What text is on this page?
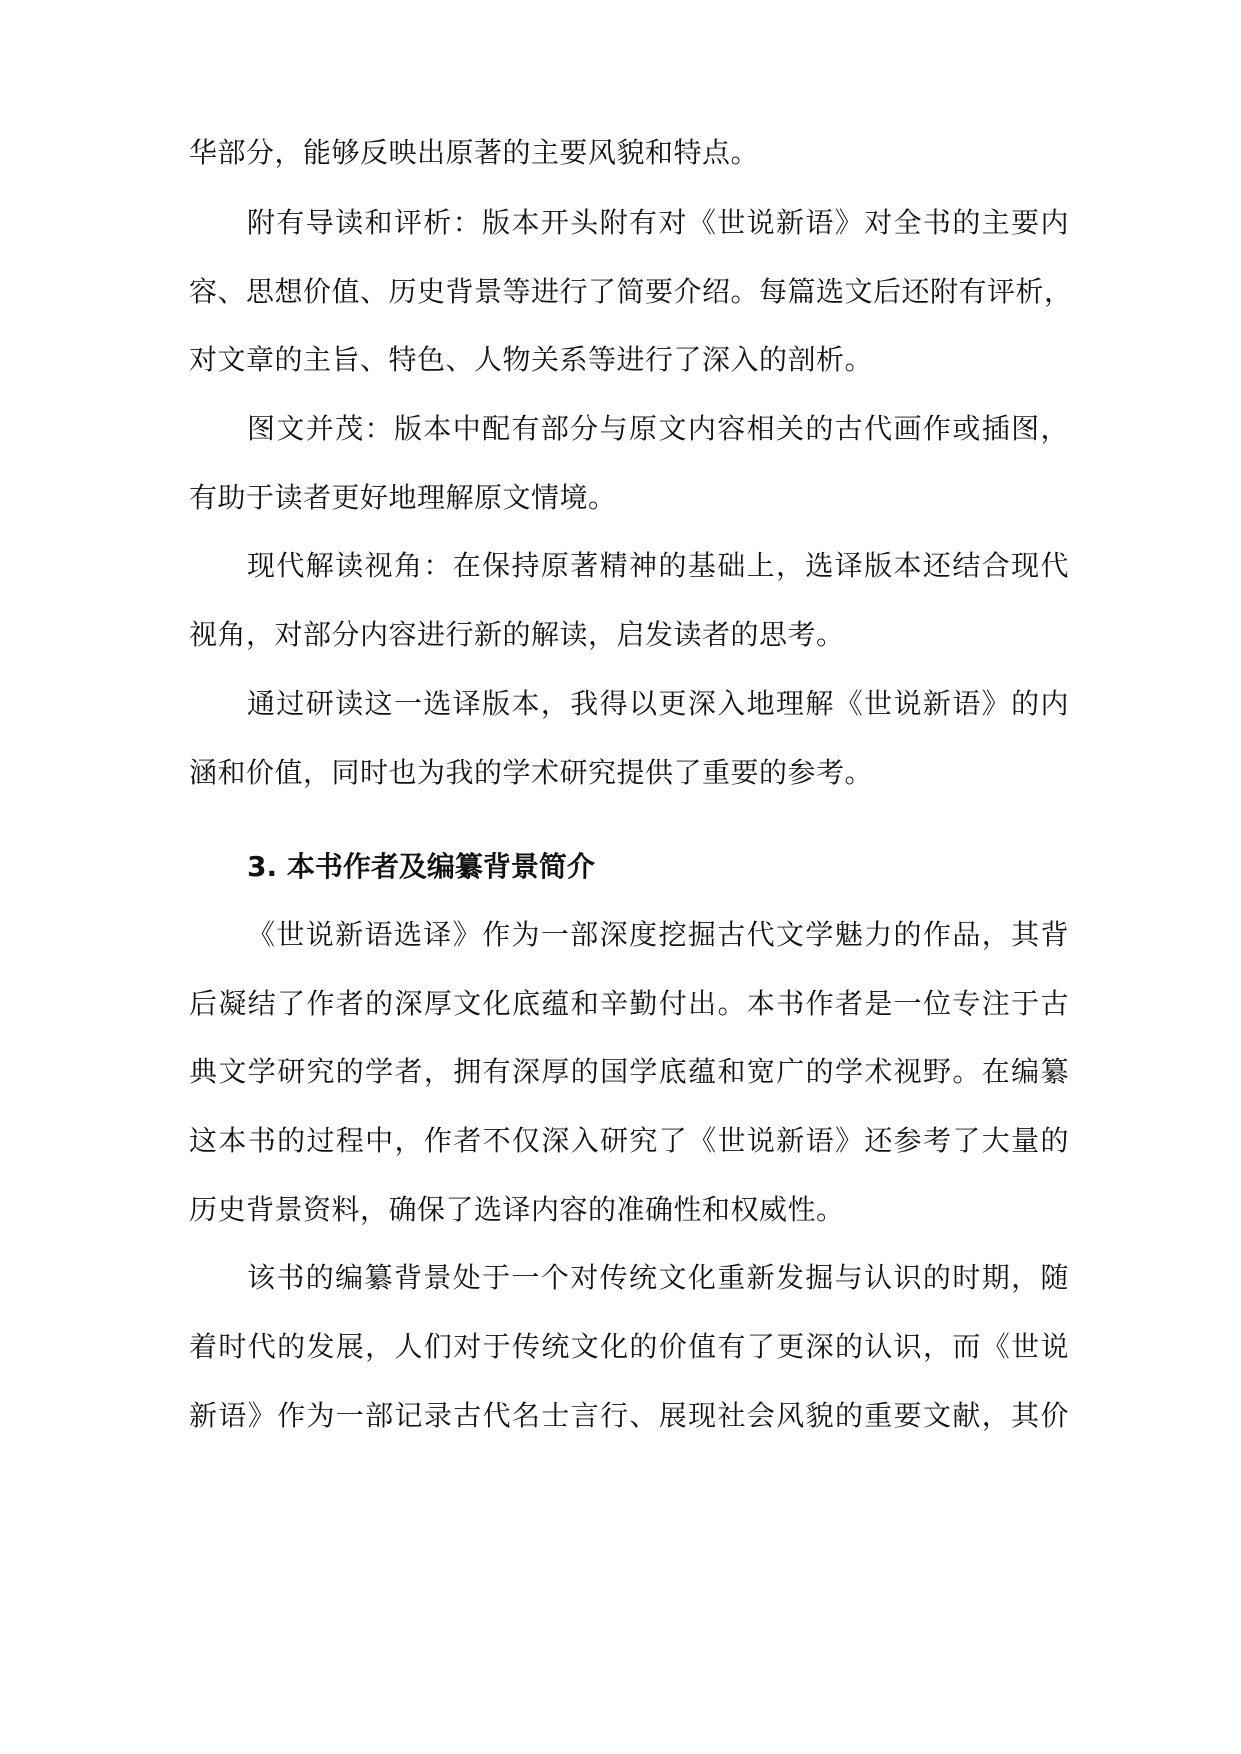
华部分，能够反映出原著的主要风貌和特点。
附有导读和评析：版本开头附有对《世说新语》对全书的主要内
容、思想价值、历史背景等进行了简要介绍。每篇选文后还附有评析，
对文章的主旨、特色、人物关系等进行了深入的剖析。
图文并茂：版本中配有部分与原文内容相关的古代画作或插图，
有助于读者更好地理解原文情境。
现代解读视角：在保持原著精神的基础上，选译版本还结合现代
视角，对部分内容进行新的解读，启发读者的思考。
通过研读这一选译版本，我得以更深入地理解《世说新语》的内
涵和价值，同时也为我的学术研究提供了重要的参考。
3. 本书作者及编纂背景简介
《世说新语选译》作为一部深度挖掘古代文学魅力的作品，其背
后凝结了作者的深厚文化底蕴和辛勤付出。本书作者是一位专注于古
典文学研究的学者，拥有深厚的国学底蕴和宽广的学术视野。在编纂
这本书的过程中，作者不仅深入研究了《世说新语》还参考了大量的
历史背景资料，确保了选译内容的准确性和权威性。
该书的编纂背景处于一个对传统文化重新发掘与认识的时期，随
着时代的发展，人们对于传统文化的价值有了更深的认识，而《世说
新语》作为一部记录古代名士言行、展现社会风貌的重要文献，其价
